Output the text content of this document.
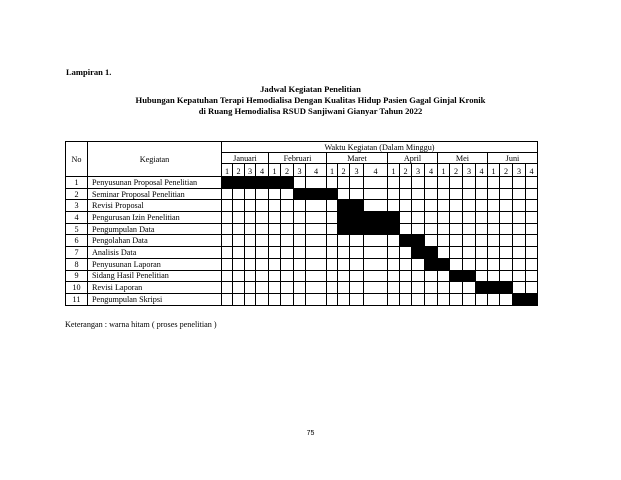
Lampiran 1.
Jadwal Kegiatan Penelitian
Hubungan Kepatuhan Terapi Hemodialisa Dengan Kualitas Hidup Pasien Gagal Ginjal Kronik
di Ruang Hemodialisa RSUD Sanjiwani Gianyar Tahun 2022
No	Kegiatan	Waktu Kegiatan (Dalam Minggu)																							
		Januari				Februari				Maret				April				Mei				Juni			
		1	2	3	4	1	2	3	4	1	2	3	4	1	2	3	4	1	2	3	4	1	2	3	4
1	Penyusunan Proposal Penelitian																								
2	Seminar Proposal Penelitian																								
3	Revisi Proposal																								
4	Pengurusan Izin Penelitian																								
5	Pengumpulan Data																								
6	Pengolahan Data																								
7	Analisis Data																								
8	Penyusunan Laporan																								
9	Sidang Hasil Penelitian																								
10	Revisi Laporan																								
11	Pengumpulan Skripsi																								
Keterangan : warna hitam ( proses penelitian )
75
